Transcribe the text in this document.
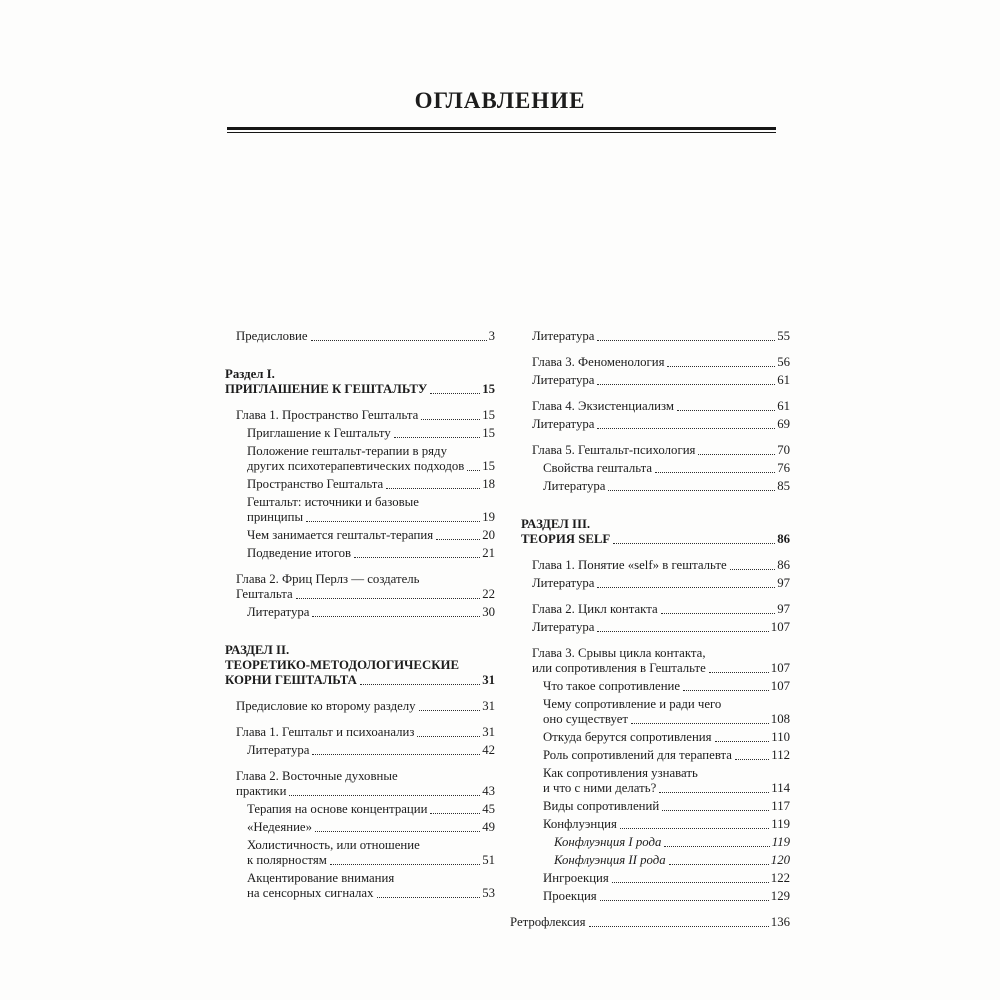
ОГЛАВЛЕНИЕ
Предисловие	3
Раздел I.
ПРИГЛАШЕНИЕ К ГЕШТАЛЬТУ	15
Глава 1. Пространство Гештальта	15
Приглашение к Гештальту	15
Положение гештальт-терапии в ряду
других психотерапевтических подходов 15
Пространство Гештальта	18
Гештальт: источники и базовые
принципы	19
Чем занимается гештальт-терапия	20
Подведение итогов	21
Глава 2. Фриц Перлз — создатель
Гештальта	22
Литература	30
РАЗДЕЛ II.
ТЕОРЕТИКО-МЕТОДОЛОГИЧЕСКИЕ
КОРНИ ГЕШТАЛЬТА	31
Предисловие ко второму разделу	31
Глава 1. Гештальт и психоанализ	31
Литература	42
Глава 2. Восточные духовные
практики	43
Терапия на основе концентрации	45
«Недеяние»	49
Холистичность, или отношение
к полярностям	51
Акцентирование внимания
на сенсорных сигналах	53
Литература	55
Глава 3. Феноменология	56
Литература	61
Глава 4. Экзистенциализм	61
Литература	69
Глава 5. Гештальт-психология	70
Свойства гештальта	76
Литература	85
РАЗДЕЛ III.
ТЕОРИЯ SELF	86
Глава 1. Понятие «self» в гештальте	86
Литература	97
Глава 2. Цикл контакта	97
Литература	107
Глава 3. Срывы цикла контакта,
или сопротивления в Гештальте	107
Что такое сопротивление	107
Чему сопротивление и ради чего
оно существует	108
Откуда берутся сопротивления	110
Роль сопротивлений для терапевта	112
Как сопротивления узнавать
и что с ними делать?	114
Виды сопротивлений	117
Конфлуэнция	119
Конфлуэнция I рода	119
Конфлуэнция II рода	120
Ингроекция	122
Проекция	129
Ретрофлексия	136
